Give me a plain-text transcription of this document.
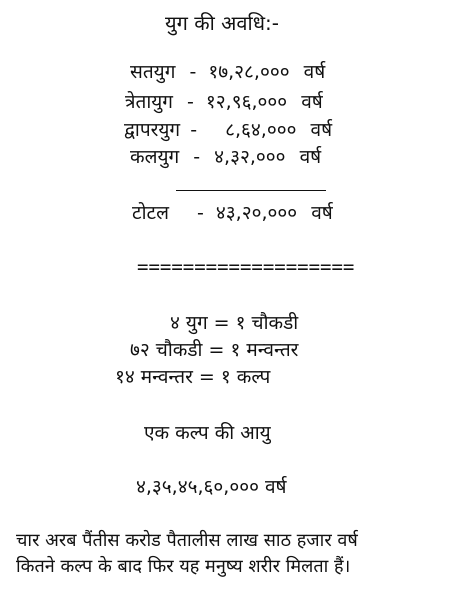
युग की अवधि:-
सतयुग - १७,२८,००० वर्ष
त्रेतायुग - १२,९६,००० वर्ष
द्वापरयुग - ८,६४,००० वर्ष
कलयुग - ४,३२,००० वर्ष
टोटल - ४३,२०,००० वर्ष
===================
४ युग = १ चौकडी
७२ चौकडी = १ मन्वन्तर
१४ मन्वन्तर = १ कल्प
एक कल्प की आयु
४,३५,४५,६०,००० वर्ष
चार अरब पैंतीस करोड पैतालीस लाख साठ हजार वर्ष
कितने कल्प के बाद फिर यह मनुष्य शरीर मिलता हैं।
